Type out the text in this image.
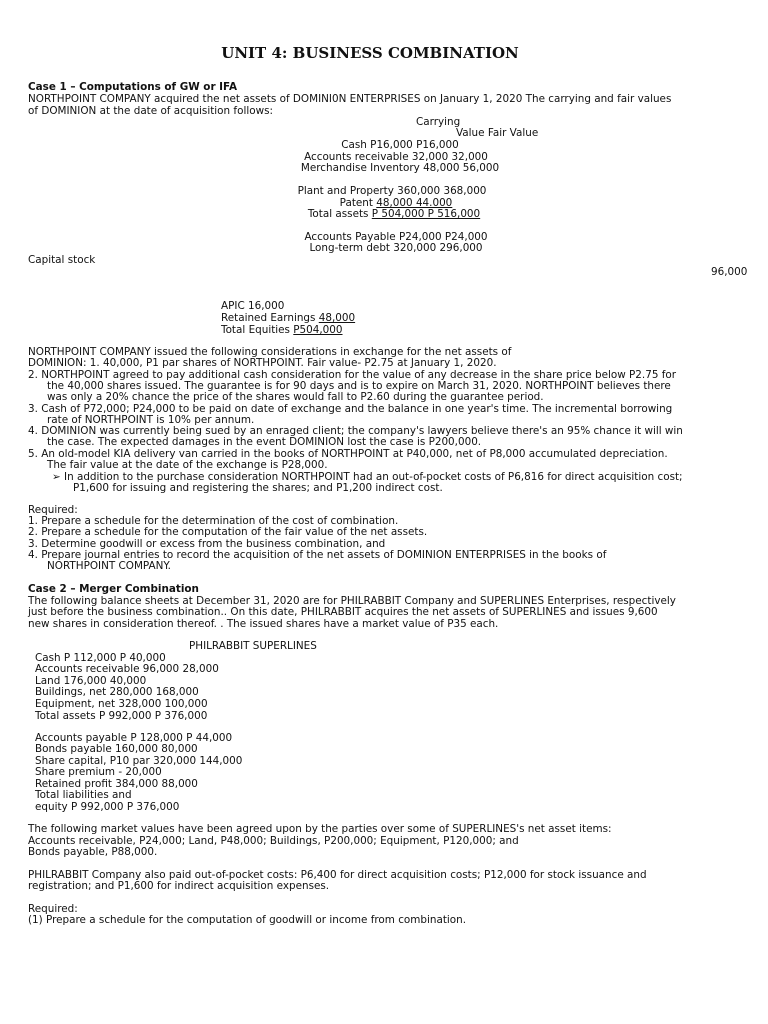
UNIT 4: BUSINESS COMBINATION
Case 1 – Computations of GW or IFA
NORTHPOINT COMPANY acquired the net assets of DOMINI0N ENTERPRISES on January 1, 2020 The carrying and fair values
of DOMINION at the date of acquisition follows:
Carrying
Value Fair Value
Cash P16,000 P16,000
Accounts receivable 32,000 32,000
Merchandise Inventory 48,000 56,000
Plant and Property 360,000 368,000
Patent 48,000 44.000
Total assets P 504,000 P 516,000
Accounts Payable P24,000 P24,000
Long-term debt 320,000 296,000
Capital stock
96,000
APIC 16,000
Retained Earnings 48,000
Total Equities P504,000
NORTHPOINT COMPANY issued the following considerations in exchange for the net assets of
DOMINION: 1. 40,000, P1 par shares of NORTHPOINT. Fair value- P2.75 at January 1, 2020.
2. NORTHPOINT agreed to pay additional cash consideration for the value of any decrease in the share price below P2.75 for
the 40,000 shares issued. The guarantee is for 90 days and is to expire on March 31, 2020. NORTHPOINT believes there
was only a 20% chance the price of the shares would fall to P2.60 during the guarantee period.
3. Cash of P72,000; P24,000 to be paid on date of exchange and the balance in one year's time. The incremental borrowing
rate of NORTHPOINT is 10% per annum.
4. DOMINION was currently being sued by an enraged client; the company's lawyers believe there's an 95% chance it will win
the case. The expected damages in the event DOMINION lost the case is P200,000.
5. An old-model KIA delivery van carried in the books of NORTHPOINT at P40,000, net of P8,000 accumulated depreciation.
The fair value at the date of the exchange is P28,000.
➢ In addition to the purchase consideration NORTHPOINT had an out-of-pocket costs of P6,816 for direct acquisition cost;
P1,600 for issuing and registering the shares; and P1,200 indirect cost.
Required:
1. Prepare a schedule for the determination of the cost of combination.
2. Prepare a schedule for the computation of the fair value of the net assets.
3. Determine goodwill or excess from the business combination, and
4. Prepare journal entries to record the acquisition of the net assets of DOMINION ENTERPRISES in the books of
NORTHPOINT COMPANY.
Case 2 – Merger Combination
The following balance sheets at December 31, 2020 are for PHILRABBIT Company and SUPERLINES Enterprises, respectively
just before the business combination.. On this date, PHILRABBIT acquires the net assets of SUPERLINES and issues 9,600
new shares in consideration thereof. . The issued shares have a market value of P35 each.
PHILRABBIT SUPERLINES
Cash P 112,000 P 40,000
Accounts receivable 96,000 28,000
Land 176,000 40,000
Buildings, net 280,000 168,000
Equipment, net 328,000 100,000
Total assets P 992,000 P 376,000
Accounts payable P 128,000 P 44,000
Bonds payable 160,000 80,000
Share capital, P10 par 320,000 144,000
Share premium - 20,000
Retained profit 384,000 88,000
Total liabilities and
equity P 992,000 P 376,000
The following market values have been agreed upon by the parties over some of SUPERLINES's net asset items:
Accounts receivable, P24,000; Land, P48,000; Buildings, P200,000; Equipment, P120,000; and
Bonds payable, P88,000.
PHILRABBIT Company also paid out-of-pocket costs: P6,400 for direct acquisition costs; P12,000 for stock issuance and
registration; and P1,600 for indirect acquisition expenses.
Required:
(1) Prepare a schedule for the computation of goodwill or income from combination.
